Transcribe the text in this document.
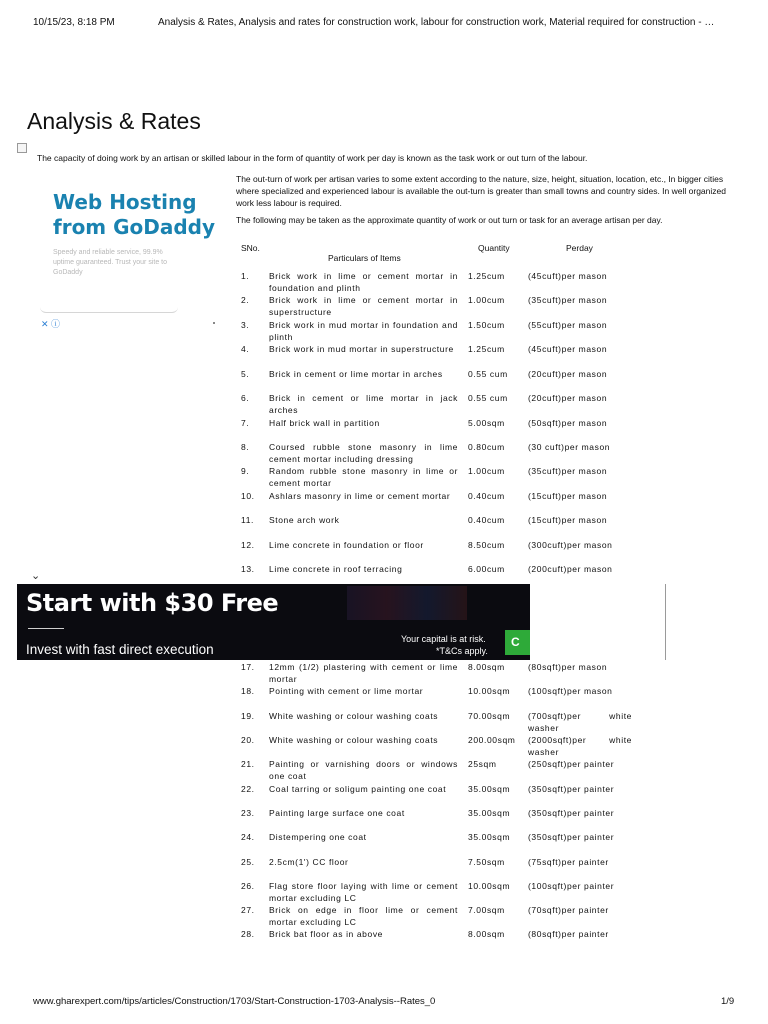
10/15/23, 8:18 PM	Analysis & Rates, Analysis and rates for construction work, labour for construction work, Material required for construction - …
Analysis & Rates
The capacity of doing work by an artisan or skilled labour in the form of quantity of work per day is known as the task work or out turn of the labour.

The out-turn of work per artisan varies to some extent according to the nature, size, height, situation, location, etc., In bigger cities where specialized and experienced labour is available the out-turn is greater than small towns and country sides. In well organized work less labour is required.

The following may be taken as the approximate quantity of work or out turn or task for an average artisan per day.

Web Hosting
from GoDaddy
Speedy and reliable service, 99.9% uptime guaranteed. Trust your site to GoDaddy
✕ ⓘ
SNo.
Particulars of Items
Quantity	Perday
1. Brick work in lime or cement mortar in foundation and plinth
1.25cum	(45cuft)per mason
2. Brick work in lime or cement mortar in superstructure
1.00cum	(35cuft)per mason
3. Brick work in mud mortar in foundation and plinth
1.50cum	(55cuft)per mason
4. Brick work in mud mortar in superstructure	1.25cum	(45cuft)per mason
5. Brick in cement or lime mortar in arches	0.55 cum (20cuft)per mason
6. Brick in cement or lime mortar in jack arches
0.55 cum (20cuft)per mason
7. Half brick wall in partition	5.00sqm	(50sqft)per mason
8. Coursed rubble stone masonry in lime cement mortar including dressing
0.80cum	(30 cuft)per mason
9. Random rubble stone masonry in lime or cement mortar
1.00cum	(35cuft)per mason
10. Ashlars masonry in lime or cement mortar	0.40cum	(15cuft)per mason
11. Stone arch work	0.40cum	(15cuft)per mason
12. Lime concrete in foundation or floor	8.50cum	(300cuft)per mason
13. Lime concrete in roof terracing	6.00cum	(200cuft)per mason
17. 12mm (1/2) plastering with cement or lime mortar
8.00sqm	(80sqft)per mason
18. Pointing with cement or lime mortar	10.00sqm (100sqft)per mason
19. White washing or colour washing coats	70.00sqm (700sqft)per white washer
20. White washing or colour washing coats	200.00sqm (2000sqft)per white washer
21. Painting or varnishing doors or windows one coat
25sqm	(250sqft)per painter
22. Coal tarring or soligum painting one coat	35.00sqm (350sqft)per painter
23. Painting large surface one coat	35.00sqm (350sqft)per painter
24. Distempering one coat	35.00sqm (350sqft)per painter
25. 2.5cm(1') CC floor	7.50sqm	(75sqft)per painter
26. Flag store floor laying with lime or cement mortar excluding LC
10.00sqm (100sqft)per painter
27. Brick on edge in floor lime or cement mortar excluding LC
7.00sqm	(70sqft)per painter
28. Brick bat floor as in above	8.00sqm	(80sqft)per painter
⌄
Start with $30 Free
Invest with fast direct execution
Your capital is at risk.
*T&Cs apply.
C
www.gharexpert.com/tips/articles/Construction/1703/Start-Construction-1703-Analysis--Rates_0	1/9
